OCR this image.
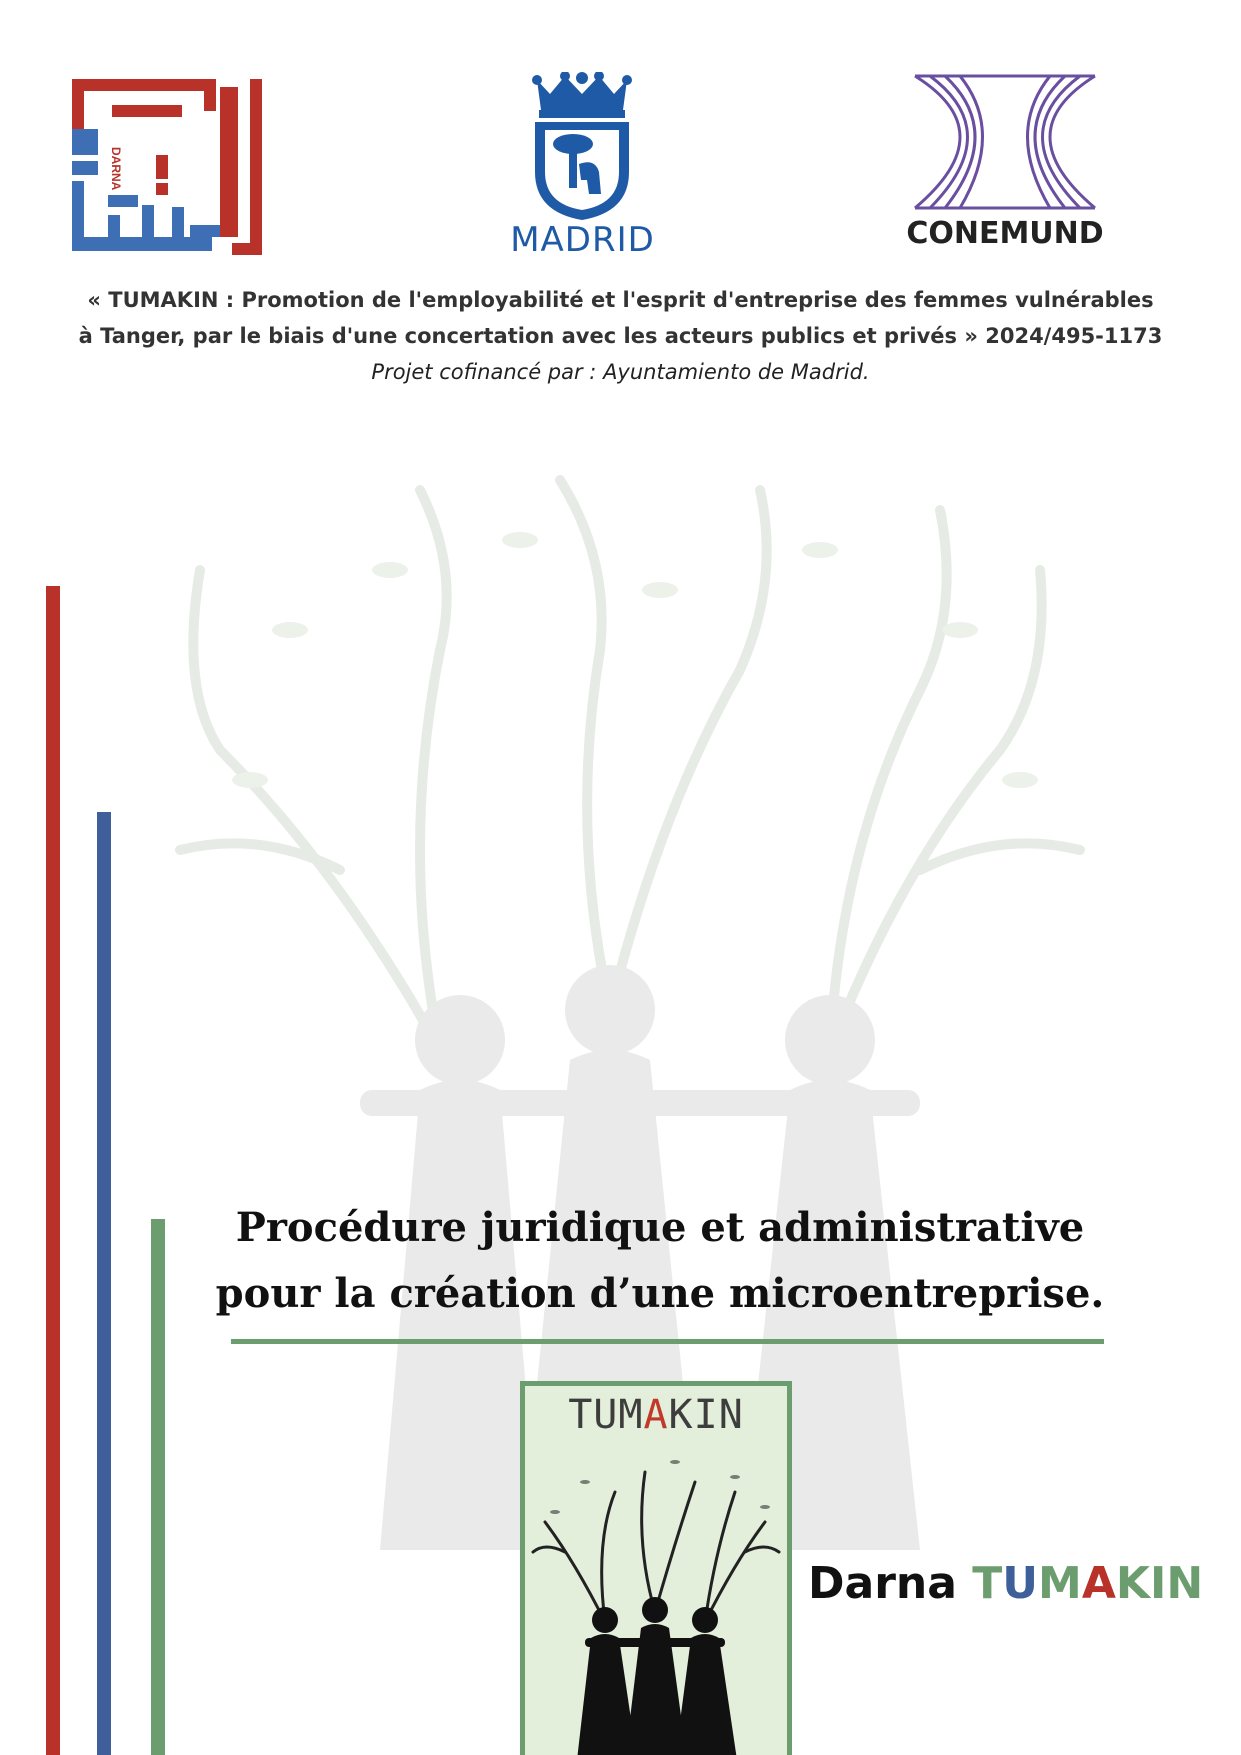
DARNA
MADRID	CONEMUND
« TUMAKIN : Promotion de l'employabilité et l'esprit d'entreprise des femmes vulnérables
à Tanger, par le biais d'une concertation avec les acteurs publics et privés » 2024/495-1173
Projet cofinancé par : Ayuntamiento de Madrid.
Procédure juridique et administrative
pour la création d’une microentreprise.
TUMAKIN
Darna TUMAKIN
